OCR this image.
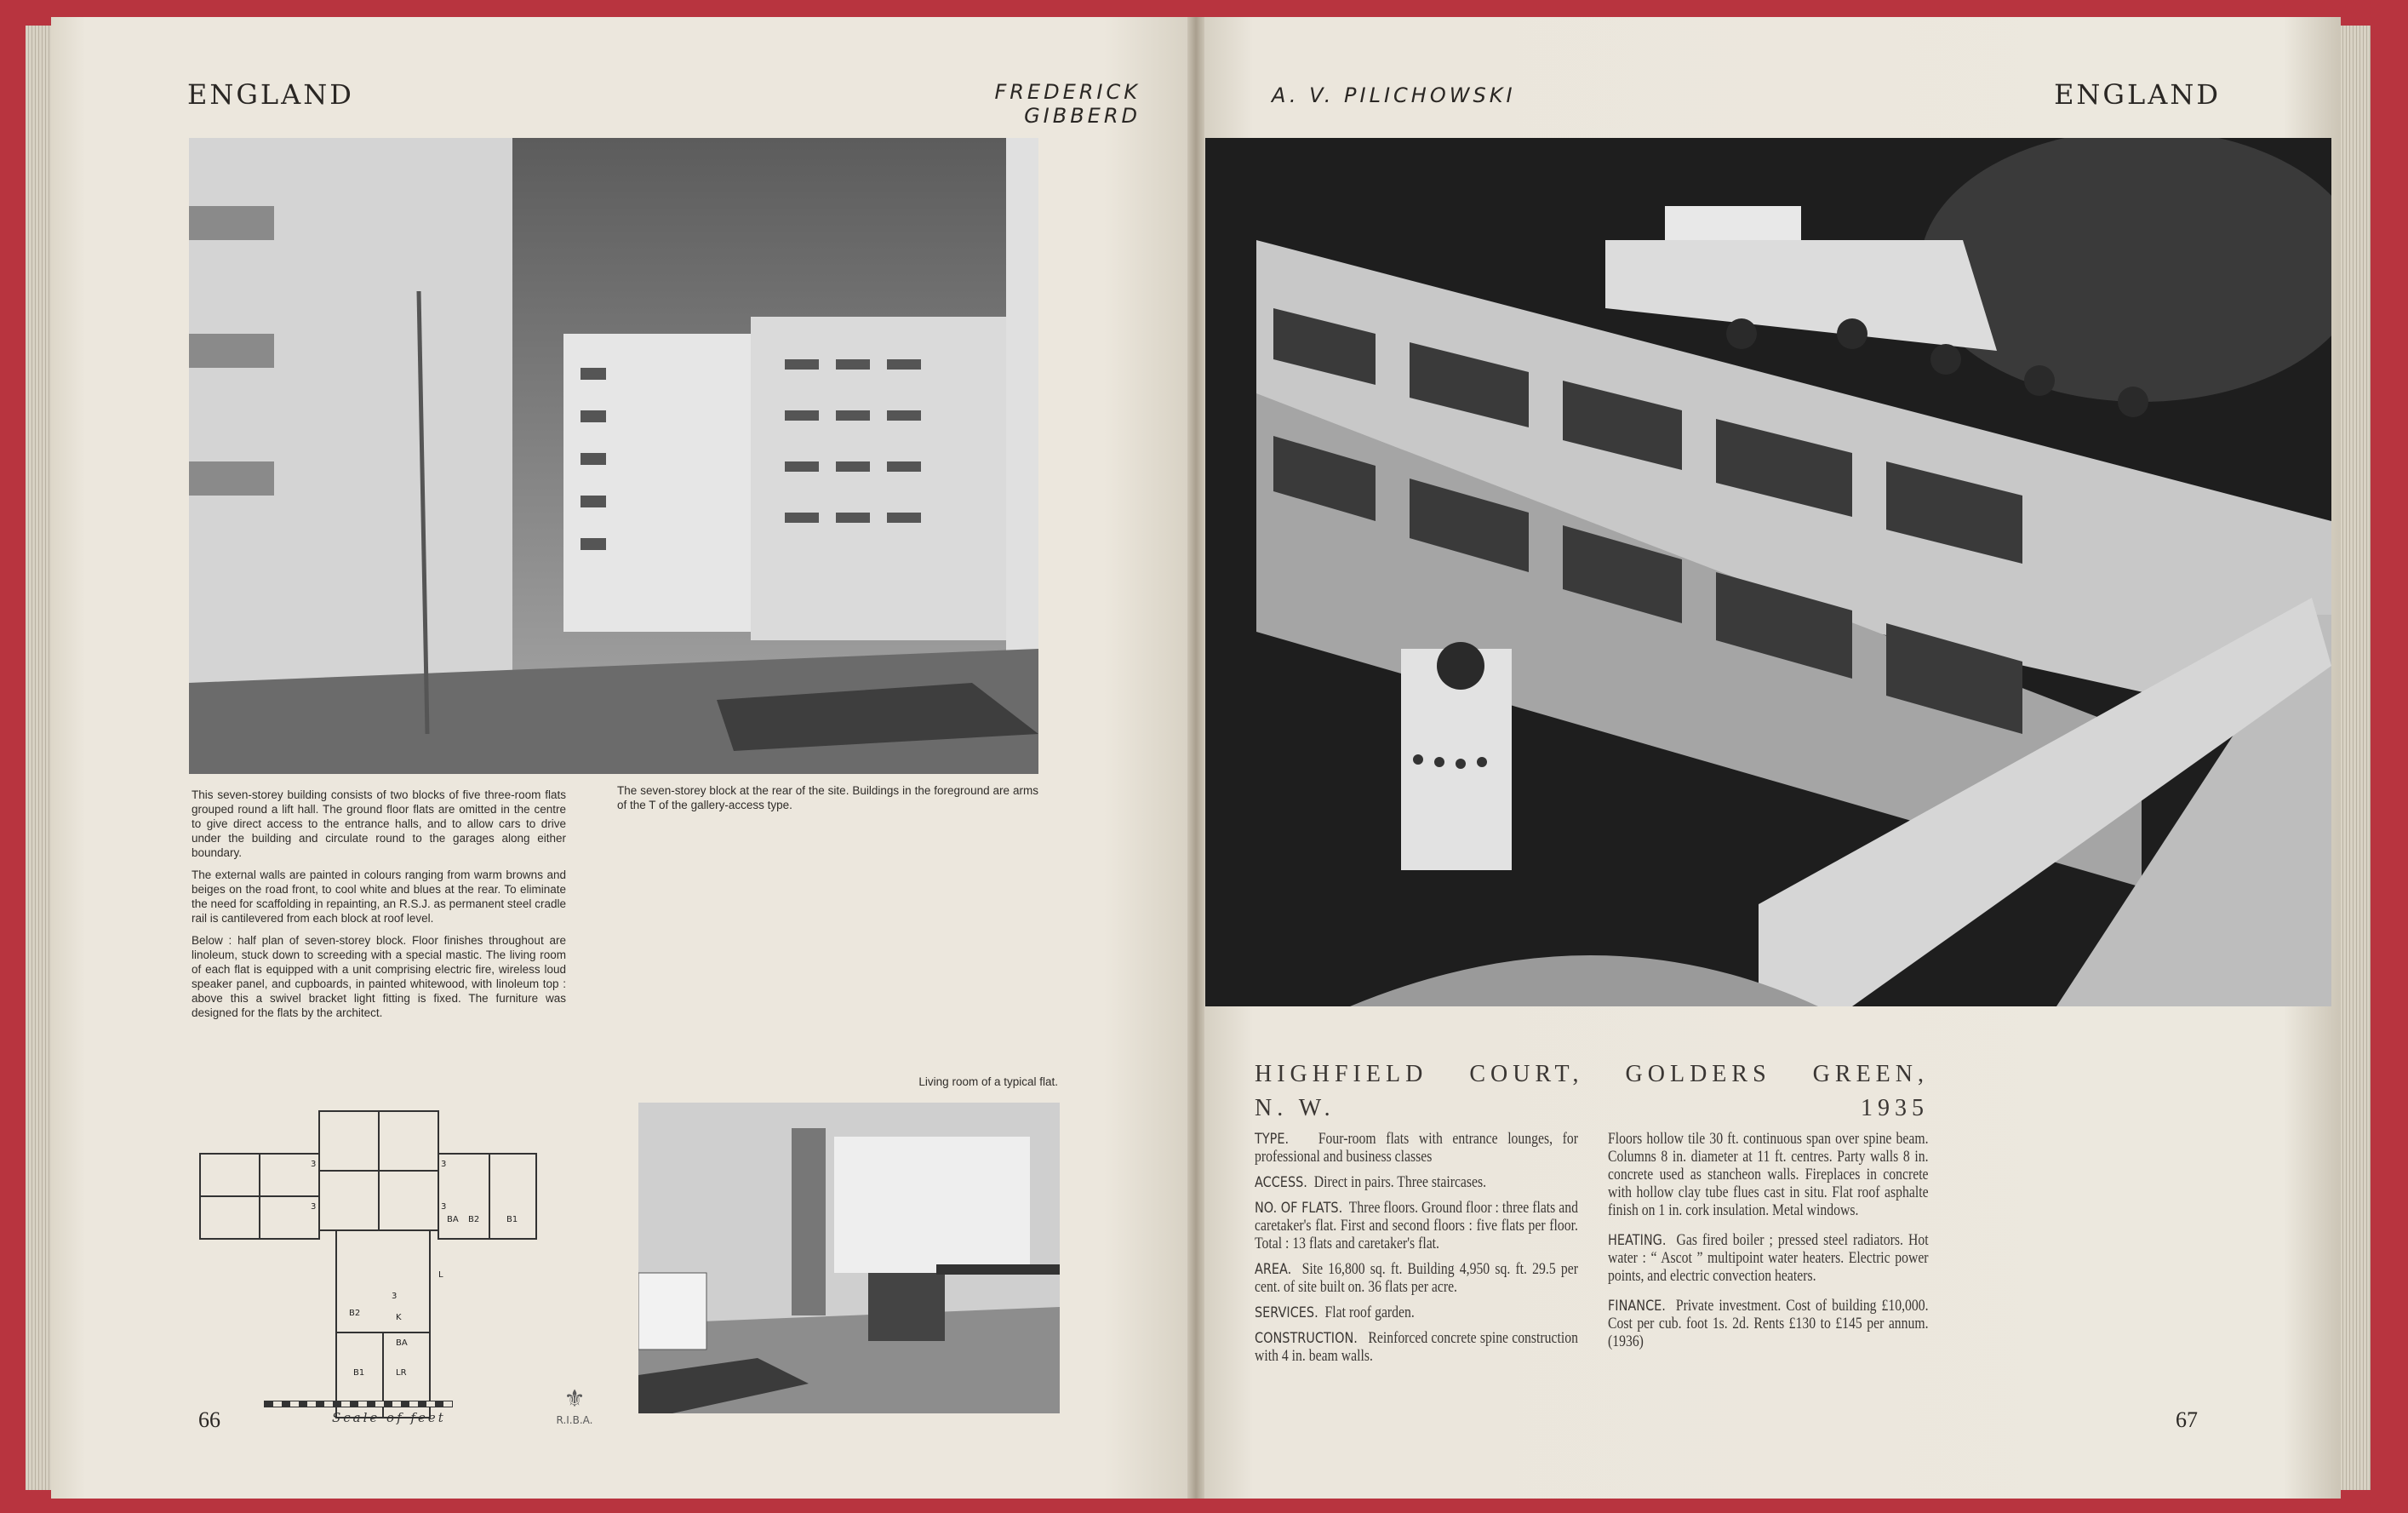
ENGLAND	FREDERICK GIBBERD

This seven-storey building consists of two blocks of five three-room flats grouped round a lift hall. The ground floor flats are omitted in the centre to give direct access to the entrance halls, and to allow cars to drive under the building and circulate round to the garages along either boundary.

The external walls are painted in colours ranging from warm browns and beiges on the road front, to cool white and blues at the rear. To eliminate the need for scaffolding in repainting, an R.S.J. as permanent steel cradle rail is cantilevered from each block at roof level.

Below : half plan of seven-storey block. Floor finishes throughout are linoleum, stuck down to screeding with a special mastic. The living room of each flat is equipped with a unit comprising electric fire, wireless loud speaker panel, and cupboards, in painted whitewood, with linoleum top : above this a swivel bracket light fitting is fixed. The furniture was designed for the flats by the architect.

The seven-storey block at the rear of the site. Buildings in the foreground are arms of the T of the gallery-access type.
Living room of a typical flat.
3
3
3
3
3
BA B2	B1
L
B2
BA
K
B1	LR
Scale of feet
⚜
R.I.B.A.
66
A. V. PILICHOWSKI	ENGLAND
HIGHFIELD COURT, GOLDERS GREEN,
N. W.	1935

TYPE. Four-room flats with entrance lounges, for professional and business classes

ACCESS. Direct in pairs. Three staircases.

NO. OF FLATS. Three floors. Ground floor : three flats and caretaker's flat. First and second floors : five flats per floor. Total : 13 flats and caretaker's flat.

AREA. Site 16,800 sq. ft. Building 4,950 sq. ft. 29.5 per cent. of site built on. 36 flats per acre.

SERVICES. Flat roof garden.

CONSTRUCTION. Reinforced concrete spine construction with 4 in. beam walls.

Floors hollow tile 30 ft. continuous span over spine beam. Columns 8 in. diameter at 11 ft. centres. Party walls 8 in. concrete used as stancheon walls. Fireplaces in concrete with hollow clay tube flues cast in situ. Flat roof asphalte finish on 1 in. cork insulation. Metal windows.

HEATING. Gas fired boiler ; pressed steel radiators. Hot water : “ Ascot ” multipoint water heaters. Electric power points, and electric convection heaters.

FINANCE. Private investment. Cost of building £10,000. Cost per cub. foot 1s. 2d. Rents £130 to £145 per annum. (1936)

67
